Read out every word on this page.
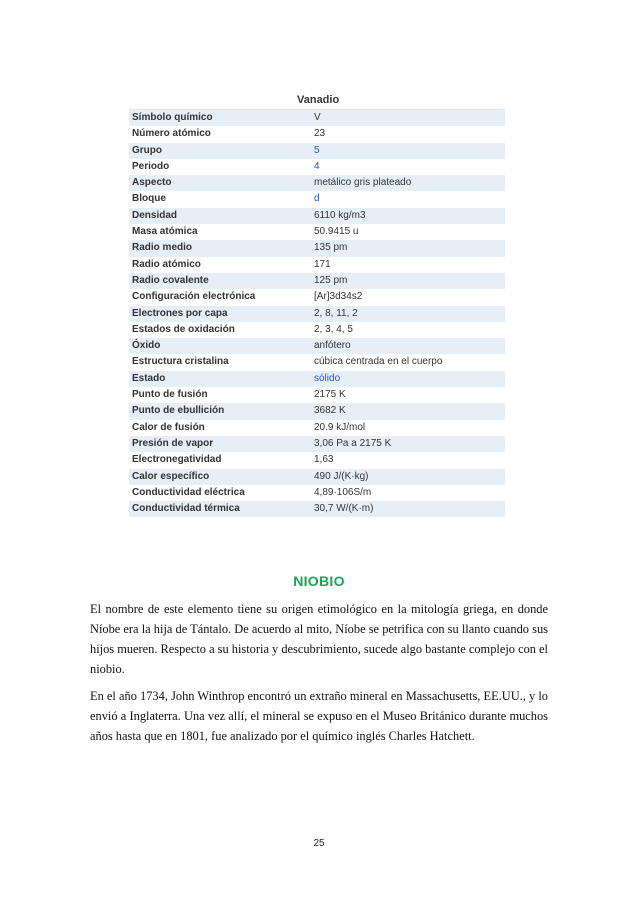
Vanadio
Símbolo químico	V
Número atómico	23
Grupo	5
Periodo	4
Aspecto	metálico gris plateado
Bloque	d
Densidad	6110 kg/m3
Masa atómica	50.9415 u
Radio medio	135 pm
Radio atómico	171
Radio covalente	125 pm
Configuración electrónica	[Ar]3d34s2
Electrones por capa	2, 8, 11, 2
Estados de oxidación	2, 3, 4, 5
Óxido	anfótero
Estructura cristalina	cúbica centrada en el cuerpo
Estado	sólido
Punto de fusión	2175 K
Punto de ebullición	3682 K
Calor de fusión	20.9 kJ/mol
Presión de vapor	3,06 Pa a 2175 K
Electronegatividad	1,63
Calor específico	490 J/(K·kg)
Conductividad eléctrica	4,89·106S/m
Conductividad térmica	30,7 W/(K·m)
NIOBIO

El nombre de este elemento tiene su origen etimológico en la mitología griega, en donde Níobe era la hija de Tántalo. De acuerdo al mito, Níobe se petrifica con su llanto cuando sus hijos mueren. Respecto a su historia y descubrimiento, sucede algo bastante complejo con el niobio.

En el año 1734, John Winthrop encontró un extraño mineral en Massachusetts, EE.UU., y lo envió a Inglaterra. Una vez allí, el mineral se expuso en el Museo Británico durante muchos años hasta que en 1801, fue analizado por el químico inglés Charles Hatchett.

25
